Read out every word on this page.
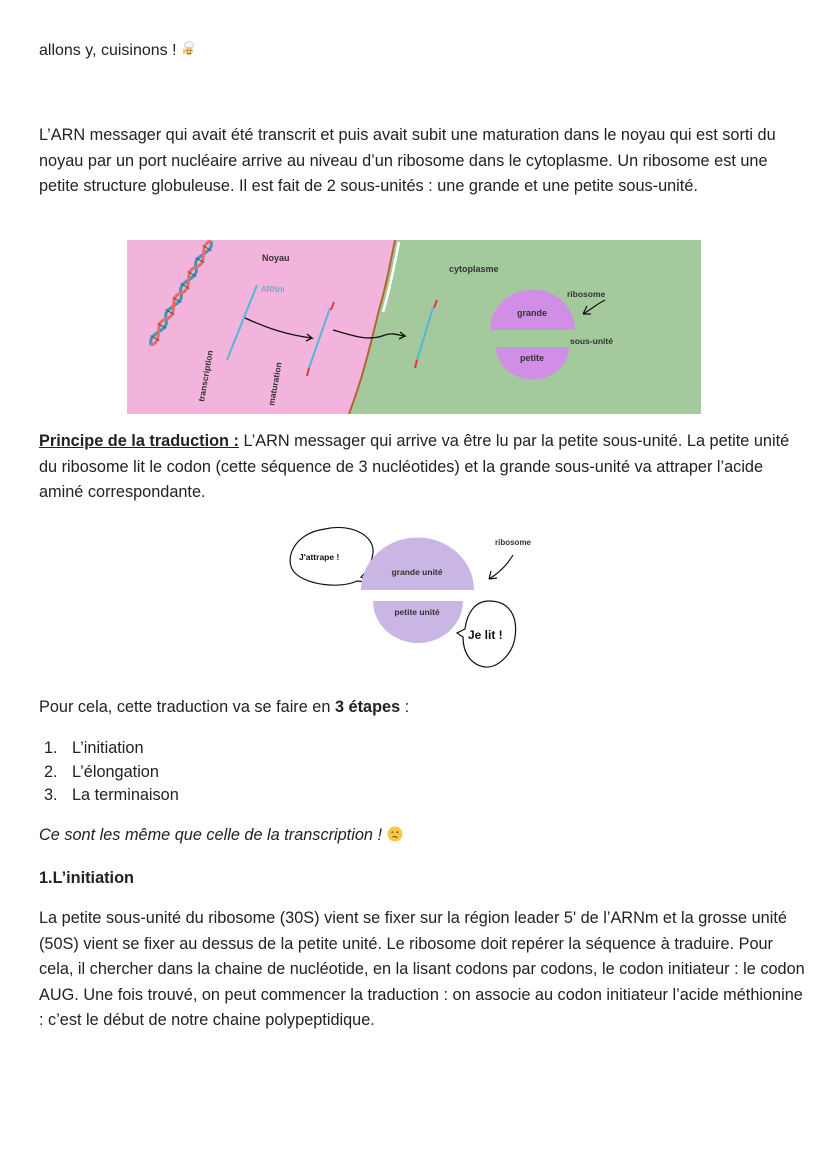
allons y, cuisinons !

L’ARN messager qui avait été transcrit et puis avait subit une maturation dans le noyau qui est sorti du noyau par un port nucléaire arrive au niveau d’un ribosome dans le cytoplasme. Un ribosome est une petite structure globuleuse. Il est fait de 2 sous-unités : une grande et une petite sous-unité.

Noyau
ARNm
cytoplasme
grande
petite
ribosome
sous-unité
transcription	maturation

Principe de la traduction : L’ARN messager qui arrive va être lu par la petite sous-unité. La petite unité du ribosome lit le codon (cette séquence de 3 nucléotides) et la grande sous-unité va attraper l’acide aminé correspondante.

J'attrape !
grande unité
petite unité
ribosome
Je lit !

Pour cela, cette traduction va se faire en 3 étapes :

1. L’initiation
2. L’élongation
3. La terminaison

Ce sont les même que celle de la transcription !

1.L’initiation

La petite sous-unité du ribosome (30S) vient se fixer sur la région leader 5' de l’ARNm et la grosse unité (50S) vient se fixer au dessus de la petite unité. Le ribosome doit repérer la séquence à traduire. Pour cela, il chercher dans la chaine de nucléotide, en la lisant codons par codons, le codon initiateur : le codon AUG. Une fois trouvé, on peut commencer la traduction : on associe au codon initiateur l’acide méthionine : c’est le début de notre chaine polypeptidique.
